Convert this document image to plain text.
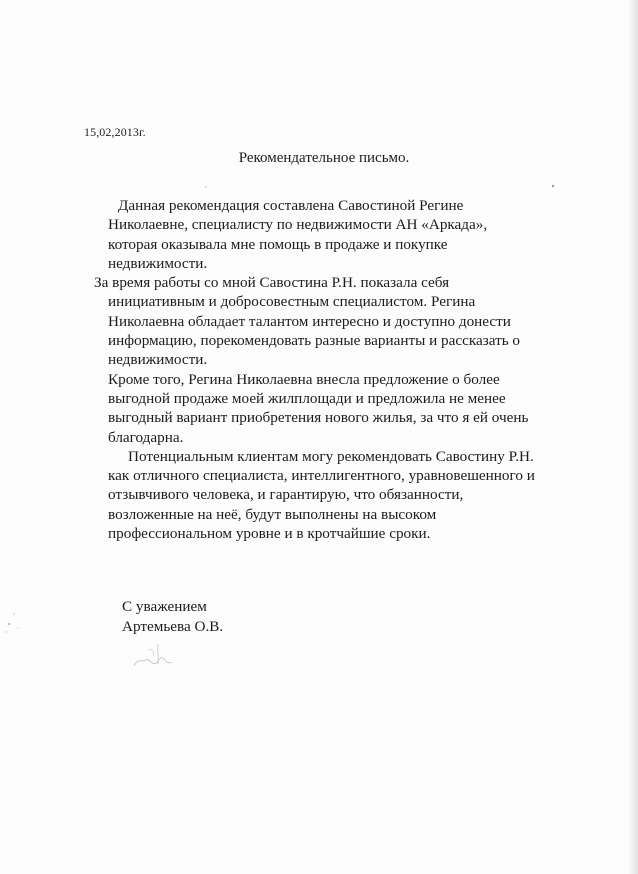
15,02,2013г.
Рекомендательное письмо.

Данная рекомендация составлена Савостиной Регине Николаевне, специалисту по недвижимости АН «Аркада», которая оказывала мне помощь в продаже и покупке недвижимости.

За время работы со мной Савостина Р.Н. показала себя инициативным и добросовестным специалистом. Регина Николаевна обладает талантом интересно и доступно донести информацию, порекомендовать разные варианты и рассказать о недвижимости.

Кроме того, Регина Николаевна внесла предложение о более выгодной продаже моей жилплощади и предложила не менее выгодный вариант приобретения нового жилья, за что я ей очень благодарна.

Потенциальным клиентам могу рекомендовать Савостину Р.Н. как отличного специалиста, интеллигентного, уравновешенного и отзывчивого человека, и гарантирую, что обязанности, возложенные на неё, будут выполнены на высоком профессиональном уровне и в кротчайшие сроки.

С уважением
Артемьева О.В.
